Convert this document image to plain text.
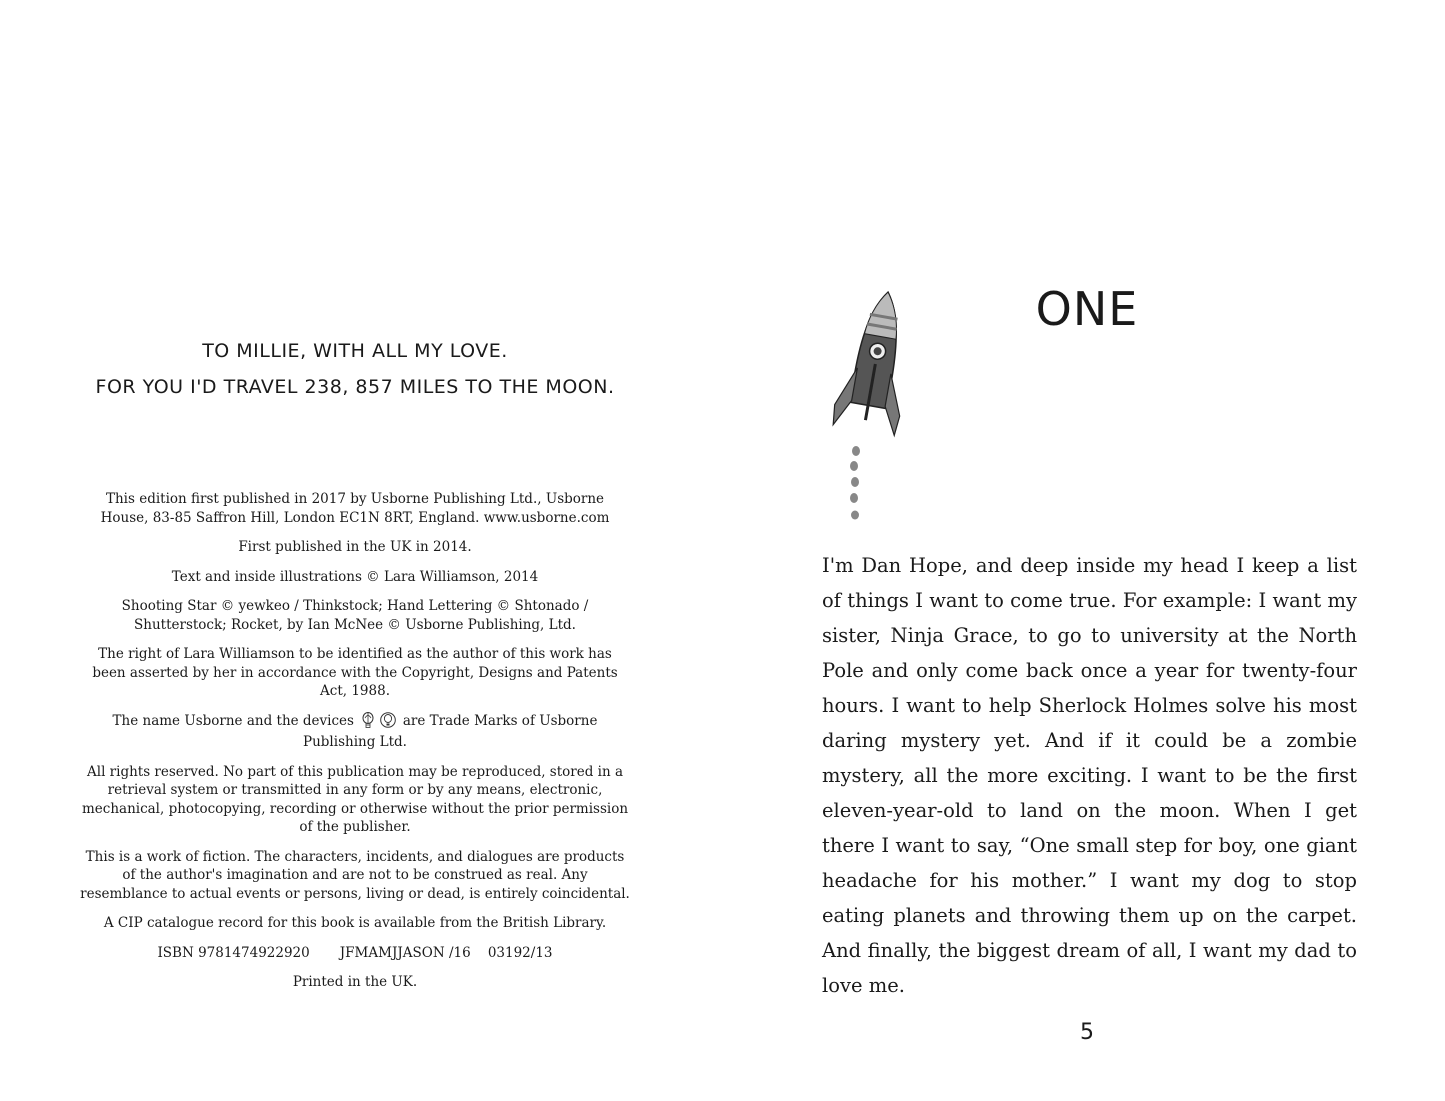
TO MILLIE, WITH ALL MY LOVE.
FOR YOU I'D TRAVEL 238, 857 MILES TO THE MOON.

This edition first published in 2017 by Usborne Publishing Ltd., Usborne House, 83-85 Saffron Hill, London EC1N 8RT, England. www.usborne.com

First published in the UK in 2014.

Text and inside illustrations © Lara Williamson, 2014

Shooting Star © yewkeo / Thinkstock; Hand Lettering © Shtonado / Shutterstock; Rocket, by Ian McNee © Usborne Publishing, Ltd.

The right of Lara Williamson to be identified as the author of this work has been asserted by her in accordance with the Copyright, Designs and Patents Act, 1988.

The name Usborne and the devices	are Trade Marks of Usborne Publishing Ltd.

All rights reserved. No part of this publication may be reproduced, stored in a retrieval system or transmitted in any form or by any means, electronic, mechanical, photocopying, recording or otherwise without the prior permission of the publisher.

This is a work of fiction. The characters, incidents, and dialogues are products of the author's imagination and are not to be construed as real. Any resemblance to actual events or persons, living or dead, is entirely coincidental.

A CIP catalogue record for this book is available from the British Library.

ISBN 9781474922920       JFMAMJJASON /16    03192/13

Printed in the UK.

ONE

I'm Dan Hope, and deep inside my head I keep a list of things I want to come true. For example: I want my sister, Ninja Grace, to go to university at the North Pole and only come back once a year for twenty-four hours. I want to help Sherlock Holmes solve his most daring mystery yet. And if it could be a zombie mystery, all the more exciting. I want to be the first eleven-year-old to land on the moon. When I get there I want to say, “One small step for boy, one giant headache for his mother.” I want my dog to stop eating planets and throwing them up on the carpet. And finally, the biggest dream of all, I want my dad to love me.

5
